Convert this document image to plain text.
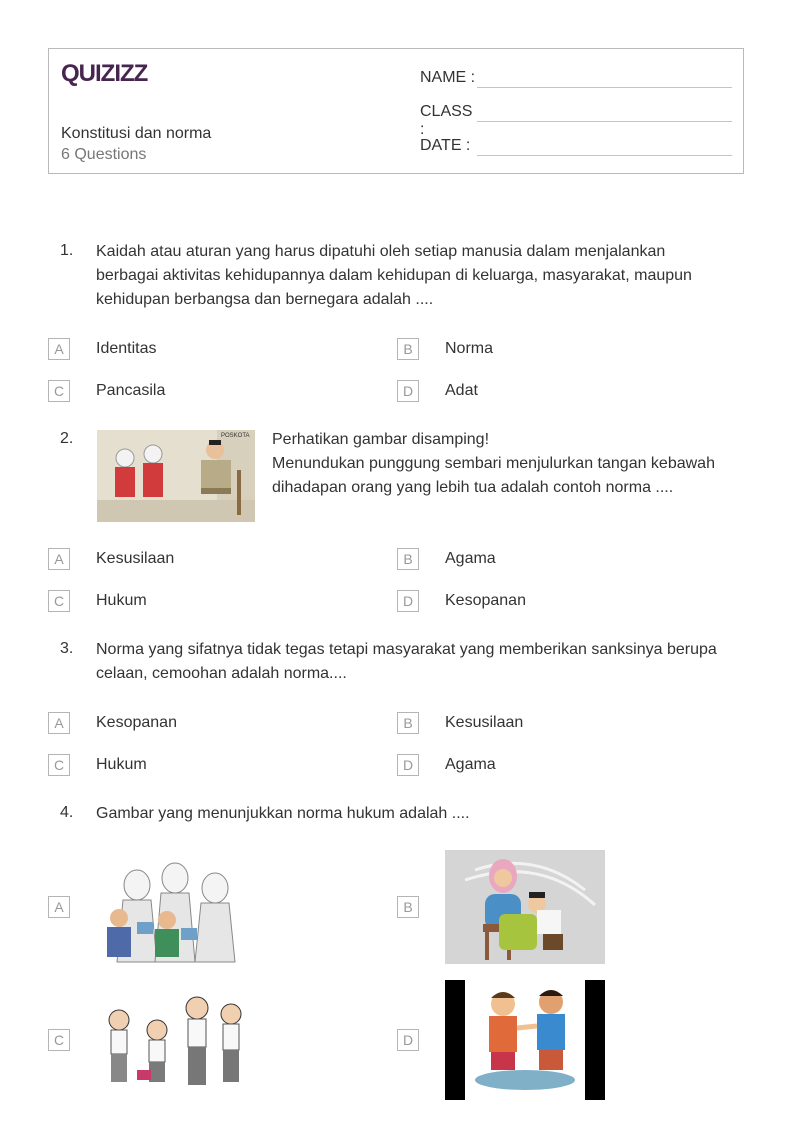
QUIZIZZ
Konstitusi dan norma
6 Questions
NAME :
CLASS :
DATE :
1. Kaidah atau aturan yang harus dipatuhi oleh setiap manusia dalam menjalankan
berbagai aktivitas kehidupannya dalam kehidupan di keluarga, masyarakat, maupun
kehidupan berbangsa dan bernegara adalah ....
A	Identitas	B	Norma
C	Pancasila	D	Adat
2.	POSKOTA Perhatikan gambar disamping!
Menundukan punggung sembari menjulurkan tangan kebawah
dihadapan orang yang lebih tua adalah contoh norma ....
A	Kesusilaan	B	Agama
C	Hukum	D	Kesopanan
3. Norma yang sifatnya tidak tegas tetapi masyarakat yang memberikan sanksinya berupa
celaan, cemoohan adalah norma....
A	Kesopanan	B	Kesusilaan
C	Hukum	D	Agama
4. Gambar yang menunjukkan norma hukum adalah ....
A	B
C	D
